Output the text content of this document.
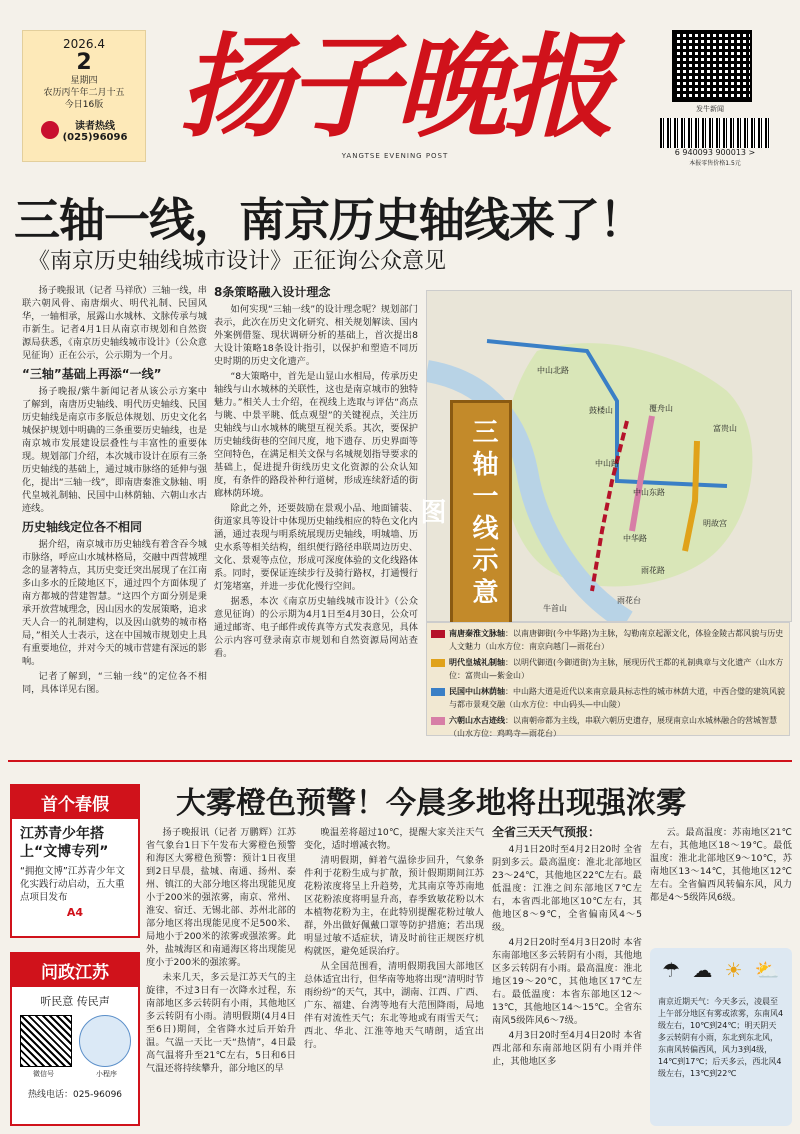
2026.4
2
星期四
农历丙午年二月十五
今日16版
读者热线
(025)96096 扬子晚报
YANGTSE EVENING POST
发牛新闻
6 940093 900013 >
本报零售价格1.5元
三轴一线，南京历史轴线来了！
《南京历史轴线城市设计》正征询公众意见

扬子晚报讯（记者 马祥欣）三轴一线，串联六朝风骨、南唐烟火、明代礼制、民国风华，一轴相承，展露山水城林、文脉传承与城市新生。记者4月1日从南京市规划和自然资源局获悉，《南京历史轴线城市设计》（公众意见征询）正在公示，公示期为一个月。

“三轴”基础上再添“一线”

扬子晚报/紫牛新闻记者从该公示方案中了解到，南唐历史轴线、明代历史轴线、民国历史轴线是南京市多版总体规划、历史文化名城保护规划中明确的三条重要历史轴线，也是南京城市发展建设层叠性与丰富性的重要体现。规划部门介绍，本次城市设计在原有三条历史轴线的基础上，通过城市脉络的延伸与强化，提出“三轴一线”，即南唐秦淮文脉轴、明代皇城礼制轴、民国中山林荫轴、六朝山水古迹线。

历史轴线定位各不相同

据介绍，南京城市历史轴线有着含吞今城市脉络，呼应山水城林格局，交融中西营城理念的显著特点，其历史变迁突出展现了在江南多山多水的丘陵地区下，通过四个方面体现了南方都城的营建智慧。“这四个方面分别是秉承开放营城理念，因山因水的发展策略，追求天人合一的礼制建构，以及因山就势的城市格局，”相关人士表示，这在中国城市规划史上具有重要地位，并对今天的城市营建有深远的影响。

记者了解到，“三轴一线”的定位各不相同，具体详见右图。

8条策略融入设计理念

如何实现“三轴一线”的设计理念呢？规划部门表示，此次在历史文化研究、相关规划解读、国内外案例借鉴、现状调研分析的基础上，首次提出8大设计策略18条设计指引，以保护和塑造不同历史时期的历史文化遗产。

“8大策略中，首先是山显山水相局，传承历史轴线与山水城林的关联性，这也是南京城市的独特魅力。”相关人士介绍，在视线上选取与评估“高点与眺、中景平眺、低点观望”的关键视点，关注历史轴线与山水城林的眺望互视关系。其次，要保护历史轴线街巷的空间尺度，地下遗存、历史界面等空间特色，在满足相关文保与名城规划指导要求的基础上，促进提升街线历史文化资源的公众认知度，有条件的路段补种行道树，形成连续舒适的街廊林荫环境。

除此之外，还要鼓励在景观小品、地面铺装、街道家具等设计中体现历史轴线相应的特色文化内涵，通过表现与明系统展现历史轴线，明城墙、历史水系等相关结构，组织便行路径串联周边历史、文化、景观等点位，形成可深度体验的文化线路体系。同时，要保证连续步行及骑行路权，打通慢行灯笼堵塞，并进一步优化慢行空间。

据悉，本次《南京历史轴线城市设计》（公众意见征询）的公示期为4月1日至4月30日，公众可通过邮寄、电子邮件或传真等方式发表意见，具体公示内容可登录南京市规划和自然资源局网站查看。

鼓楼山	覆舟山
富贵山
中山路
中山东路
明故宫
中华路
雨花路
牛首山
雨花台
中山北路
三轴一线示意图
南唐秦淮文脉轴：以南唐御街(今中华路)为主脉，勾勒南京起源文化，体验金陵古都风貌与历史人文魅力（山水方位：南京向越门—雨花台）
明代皇城礼制轴：以明代御道(今御道街)为主脉，展现历代王都的礼制典章与文化遗产（山水方位：富贵山—紫金山）
民国中山林荫轴：中山路大道是近代以来南京最具标志性的城市林荫大道，中西合璧的建筑风貌与都市景观交融（山水方位：中山码头—中山陵）
六朝山水古迹线：以南朝帝都为主线，串联六朝历史遗存，展现南京山水城林融合的营城智慧（山水方位：鸡鸣寺—雨花台）
首个春假
江苏青少年搭上“文博专列”
“拥抱文博”江苏青少年文化实践行动启动，五大重点项目发布
A4
问政江苏
听民意 传民声
微信号	小程序
热线电话：025-96096
大雾橙色预警！今晨多地将出现强浓雾

扬子晚报讯（记者 万鹏辉）江苏省气象台1日下午发布大雾橙色预警和海区大雾橙色预警：预计1日夜里到2日早晨，盐城、南通、扬州、泰州、镇江的大部分地区将出现能见度小于200米的强浓雾，南京、常州、淮安、宿迁、无锡北部、苏州北部的部分地区将出现能见度不足500米、局地小于200米的浓雾或强浓雾。此外，盐城海区和南通海区将出现能见度小于200米的强浓雾。

未来几天，多云是江苏天气的主旋律，不过3日有一次降水过程，东南部地区多云转阴有小雨，其他地区多云转阴有小雨。清明假期(4月4日至6日)期间，全省降水过后开始升温。气温一天比一天“热情”，4日最高气温将升至21℃左右，5日和6日气温还将持续攀升，部分地区的早

晚温差将超过10℃，提醒大家关注天气变化，适时增减衣物。

清明假期，鲜着气温徐步回升，气象条件利于花粉生成与扩散，预计假期期间江苏花粉浓度将呈上升趋势，尤其南京等苏南地区花粉浓度将明显升高，春季致敏花粉以木本植物花粉为主，在此特别提醒花粉过敏人群，外出做好佩戴口罩等防护措施；若出现明显过敏不适症状，请及时前往正规医疗机构就医，避免延误治疗。

从全国范围看，清明假期我国大部地区总体适宜出行，但华南等地将出现“清明时节雨纷纷”的天气，其中，湖南、江西、广西、广东、福建、台湾等地有大范围降雨，局地伴有对流性天气；东北等地或有雨雪天气；西北、华北、江淮等地天气晴朗，适宜出行。

全省三天天气预报：

4月1日20时至4月2日20时 全省阴到多云。最高温度：淮北北部地区23～24℃，其他地区22℃左右。最低温度：江淮之间东部地区7℃左右，本省西北部地区10℃左右，其他地区8～9℃，全省偏南风4～5级。

4月2日20时至4月3日20时 本省东南部地区多云转阴有小雨，其他地区多云转阴有小雨。最高温度：淮北地区19～20℃，其他地区17℃左右。最低温度：本省东部地区12～13℃，其他地区14～15℃。全省东南风5级阵风6～7级。

4月3日20时至4月4日20时 本省西北部和东南部地区阴有小雨并伴止，其他地区多

云。最高温度：苏南地区21℃左右，其他地区18～19℃。最低温度：淮北北部地区9～10℃，苏南地区13～14℃，其他地区12℃左右。全省偏西风转偏东风，风力都是4～5级阵风6级。

☂ ☁ ☀ ⛅
南京近期天气：今天多云，凌晨至上午部分地区有雾或浓雾，东南风4级左右，10℃到24℃；明天阴天多云转阴有小雨，东北到东北风，东南风转偏西风，风力3到4级，14℃到17℃；后天多云，西北风4级左右，13℃到22℃
